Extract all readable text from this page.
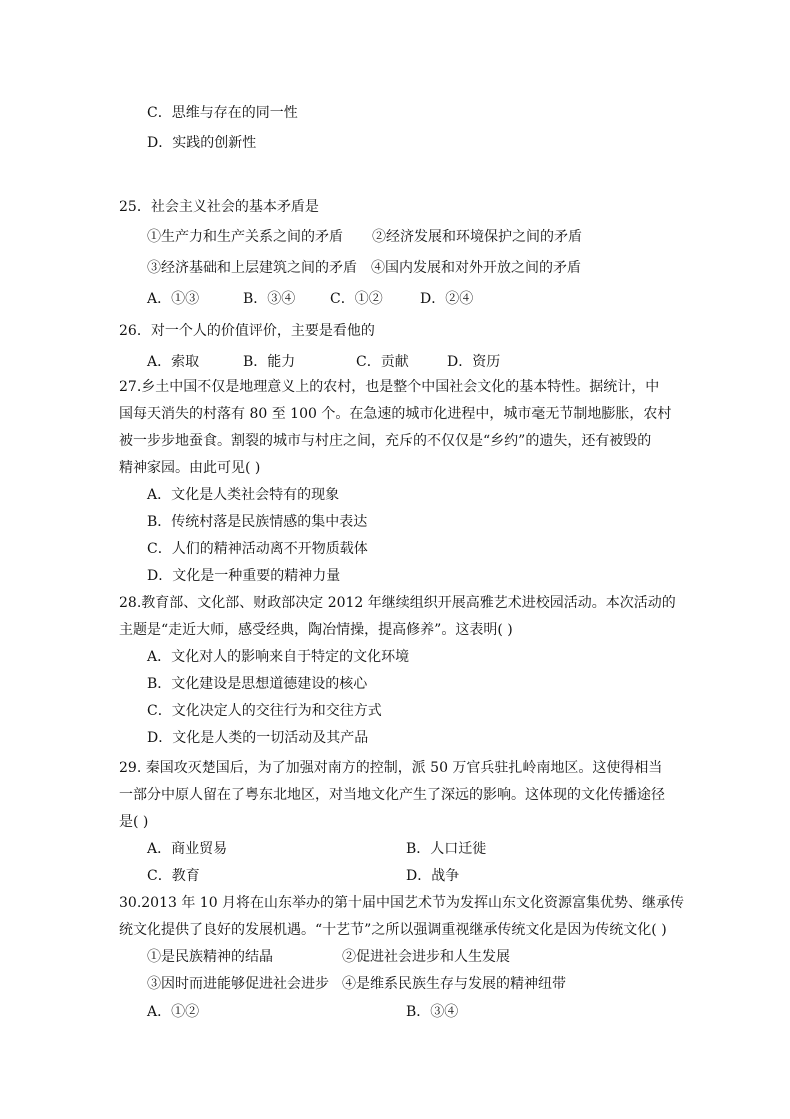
C．思维与存在的同一性
D．实践的创新性
25．社会主义社会的基本矛盾是
①生产力和生产关系之间的矛盾 ②经济发展和环境保护之间的矛盾
③经济基础和上层建筑之间的矛盾 ④国内发展和对外开放之间的矛盾
A．①③	B．③④ C．①②	D．②④
26．对一个人的价值评价，主要是看他的
A．索取	B．能力	C．贡献	D．资历
27.乡土中国不仅是地理意义上的农村，也是整个中国社会文化的基本特性。据统计，中
国每天消失的村落有 80 至 100 个。在急速的城市化进程中，城市毫无节制地膨胀，农村
被一步步地蚕食。割裂的城市与村庄之间，充斥的不仅仅是“乡约”的遗失，还有被毁的
精神家园。由此可见( )
A．文化是人类社会特有的现象
B．传统村落是民族情感的集中表达
C．人们的精神活动离不开物质载体
D．文化是一种重要的精神力量
28.教育部、文化部、财政部决定 2012 年继续组织开展高雅艺术进校园活动。本次活动的
主题是“走近大师，感受经典，陶冶情操，提高修养”。这表明( )
A．文化对人的影响来自于特定的文化环境
B．文化建设是思想道德建设的核心
C．文化决定人的交往行为和交往方式
D．文化是人类的一切活动及其产品
29. 秦国攻灭楚国后，为了加强对南方的控制，派 50 万官兵驻扎岭南地区。这使得相当
一部分中原人留在了粤东北地区，对当地文化产生了深远的影响。这体现的文化传播途径
是( )
A．商业贸易	B．人口迁徙
C．教育	D．战争
30.2013 年 10 月将在山东举办的第十届中国艺术节为发挥山东文化资源富集优势、继承传
统文化提供了良好的发展机遇。“十艺节”之所以强调重视继承传统文化是因为传统文化( )
①是民族精神的结晶	②促进社会进步和人生发展
③因时而进能够促进社会进步 ④是维系民族生存与发展的精神纽带
A．①②	B．③④
